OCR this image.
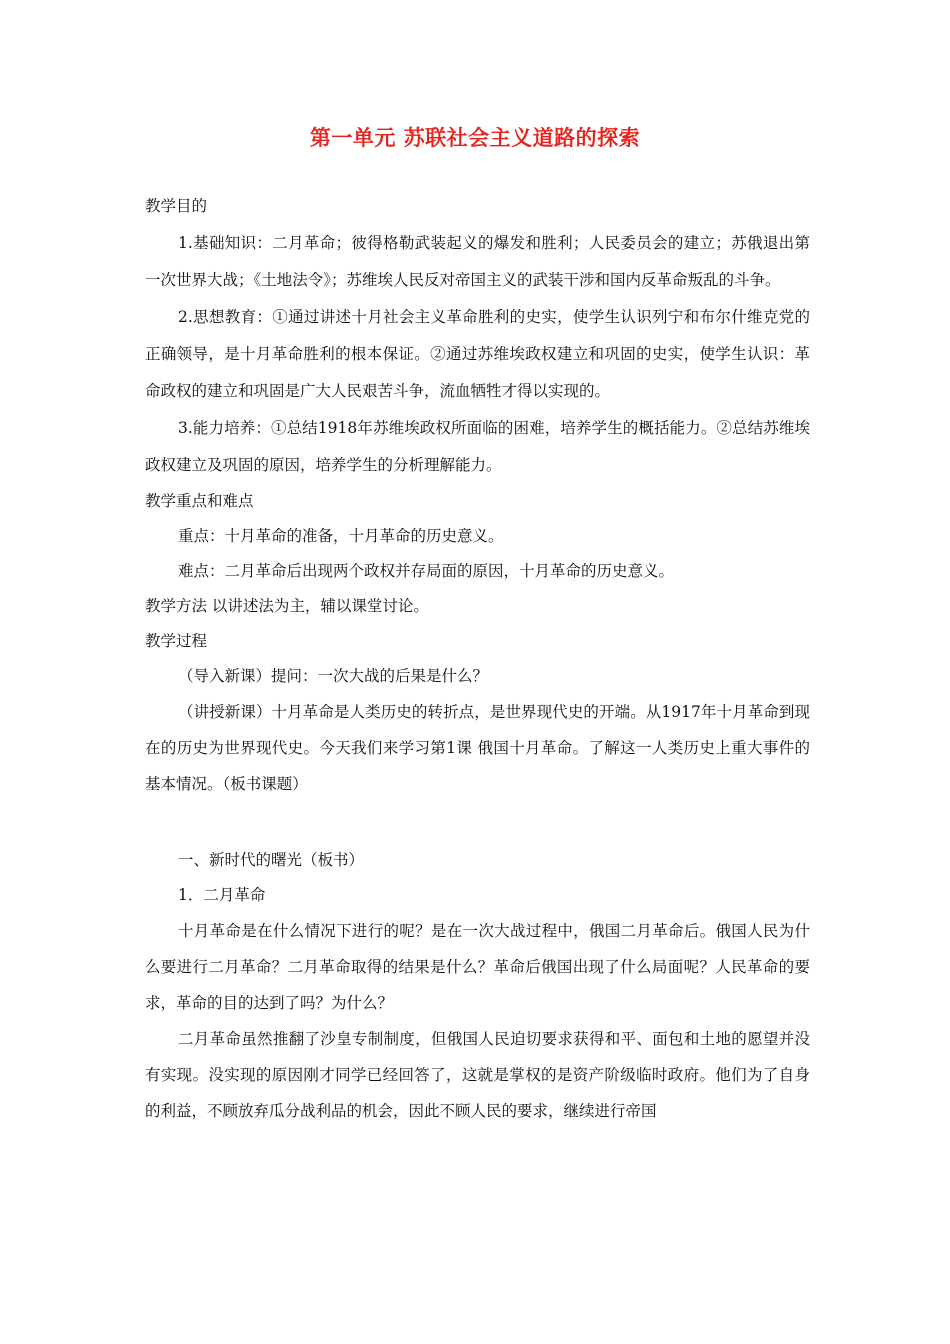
第一单元 苏联社会主义道路的探索

教学目的

1.基础知识：二月革命；彼得格勒武装起义的爆发和胜利；人民委员会的建立；苏俄退出第一次世界大战；《土地法令》；苏维埃人民反对帝国主义的武装干涉和国内反革命叛乱的斗争。

2.思想教育：①通过讲述十月社会主义革命胜利的史实，使学生认识列宁和布尔什维克党的正确领导，是十月革命胜利的根本保证。②通过苏维埃政权建立和巩固的史实，使学生认识：革命政权的建立和巩固是广大人民艰苦斗争，流血牺牲才得以实现的。

3.能力培养：①总结1918年苏维埃政权所面临的困难，培养学生的概括能力。②总结苏维埃政权建立及巩固的原因，培养学生的分析理解能力。

教学重点和难点

重点：十月革命的准备，十月革命的历史意义。

难点：二月革命后出现两个政权并存局面的原因，十月革命的历史意义。

教学方法 以讲述法为主，辅以课堂讨论。

教学过程

（导入新课）提问：一次大战的后果是什么？

（讲授新课）十月革命是人类历史的转折点，是世界现代史的开端。从1917年十月革命到现在的历史为世界现代史。今天我们来学习第1课 俄国十月革命。了解这一人类历史上重大事件的基本情况。（板书课题）

一、新时代的曙光（板书）

1．二月革命

十月革命是在什么情况下进行的呢？是在一次大战过程中，俄国二月革命后。俄国人民为什么要进行二月革命？二月革命取得的结果是什么？革命后俄国出现了什么局面呢？人民革命的要求，革命的目的达到了吗？为什么？

二月革命虽然推翻了沙皇专制制度，但俄国人民迫切要求获得和平、面包和土地的愿望并没有实现。没实现的原因刚才同学已经回答了，这就是掌权的是资产阶级临时政府。他们为了自身的利益，不顾放弃瓜分战利品的机会，因此不顾人民的要求，继续进行帝国
